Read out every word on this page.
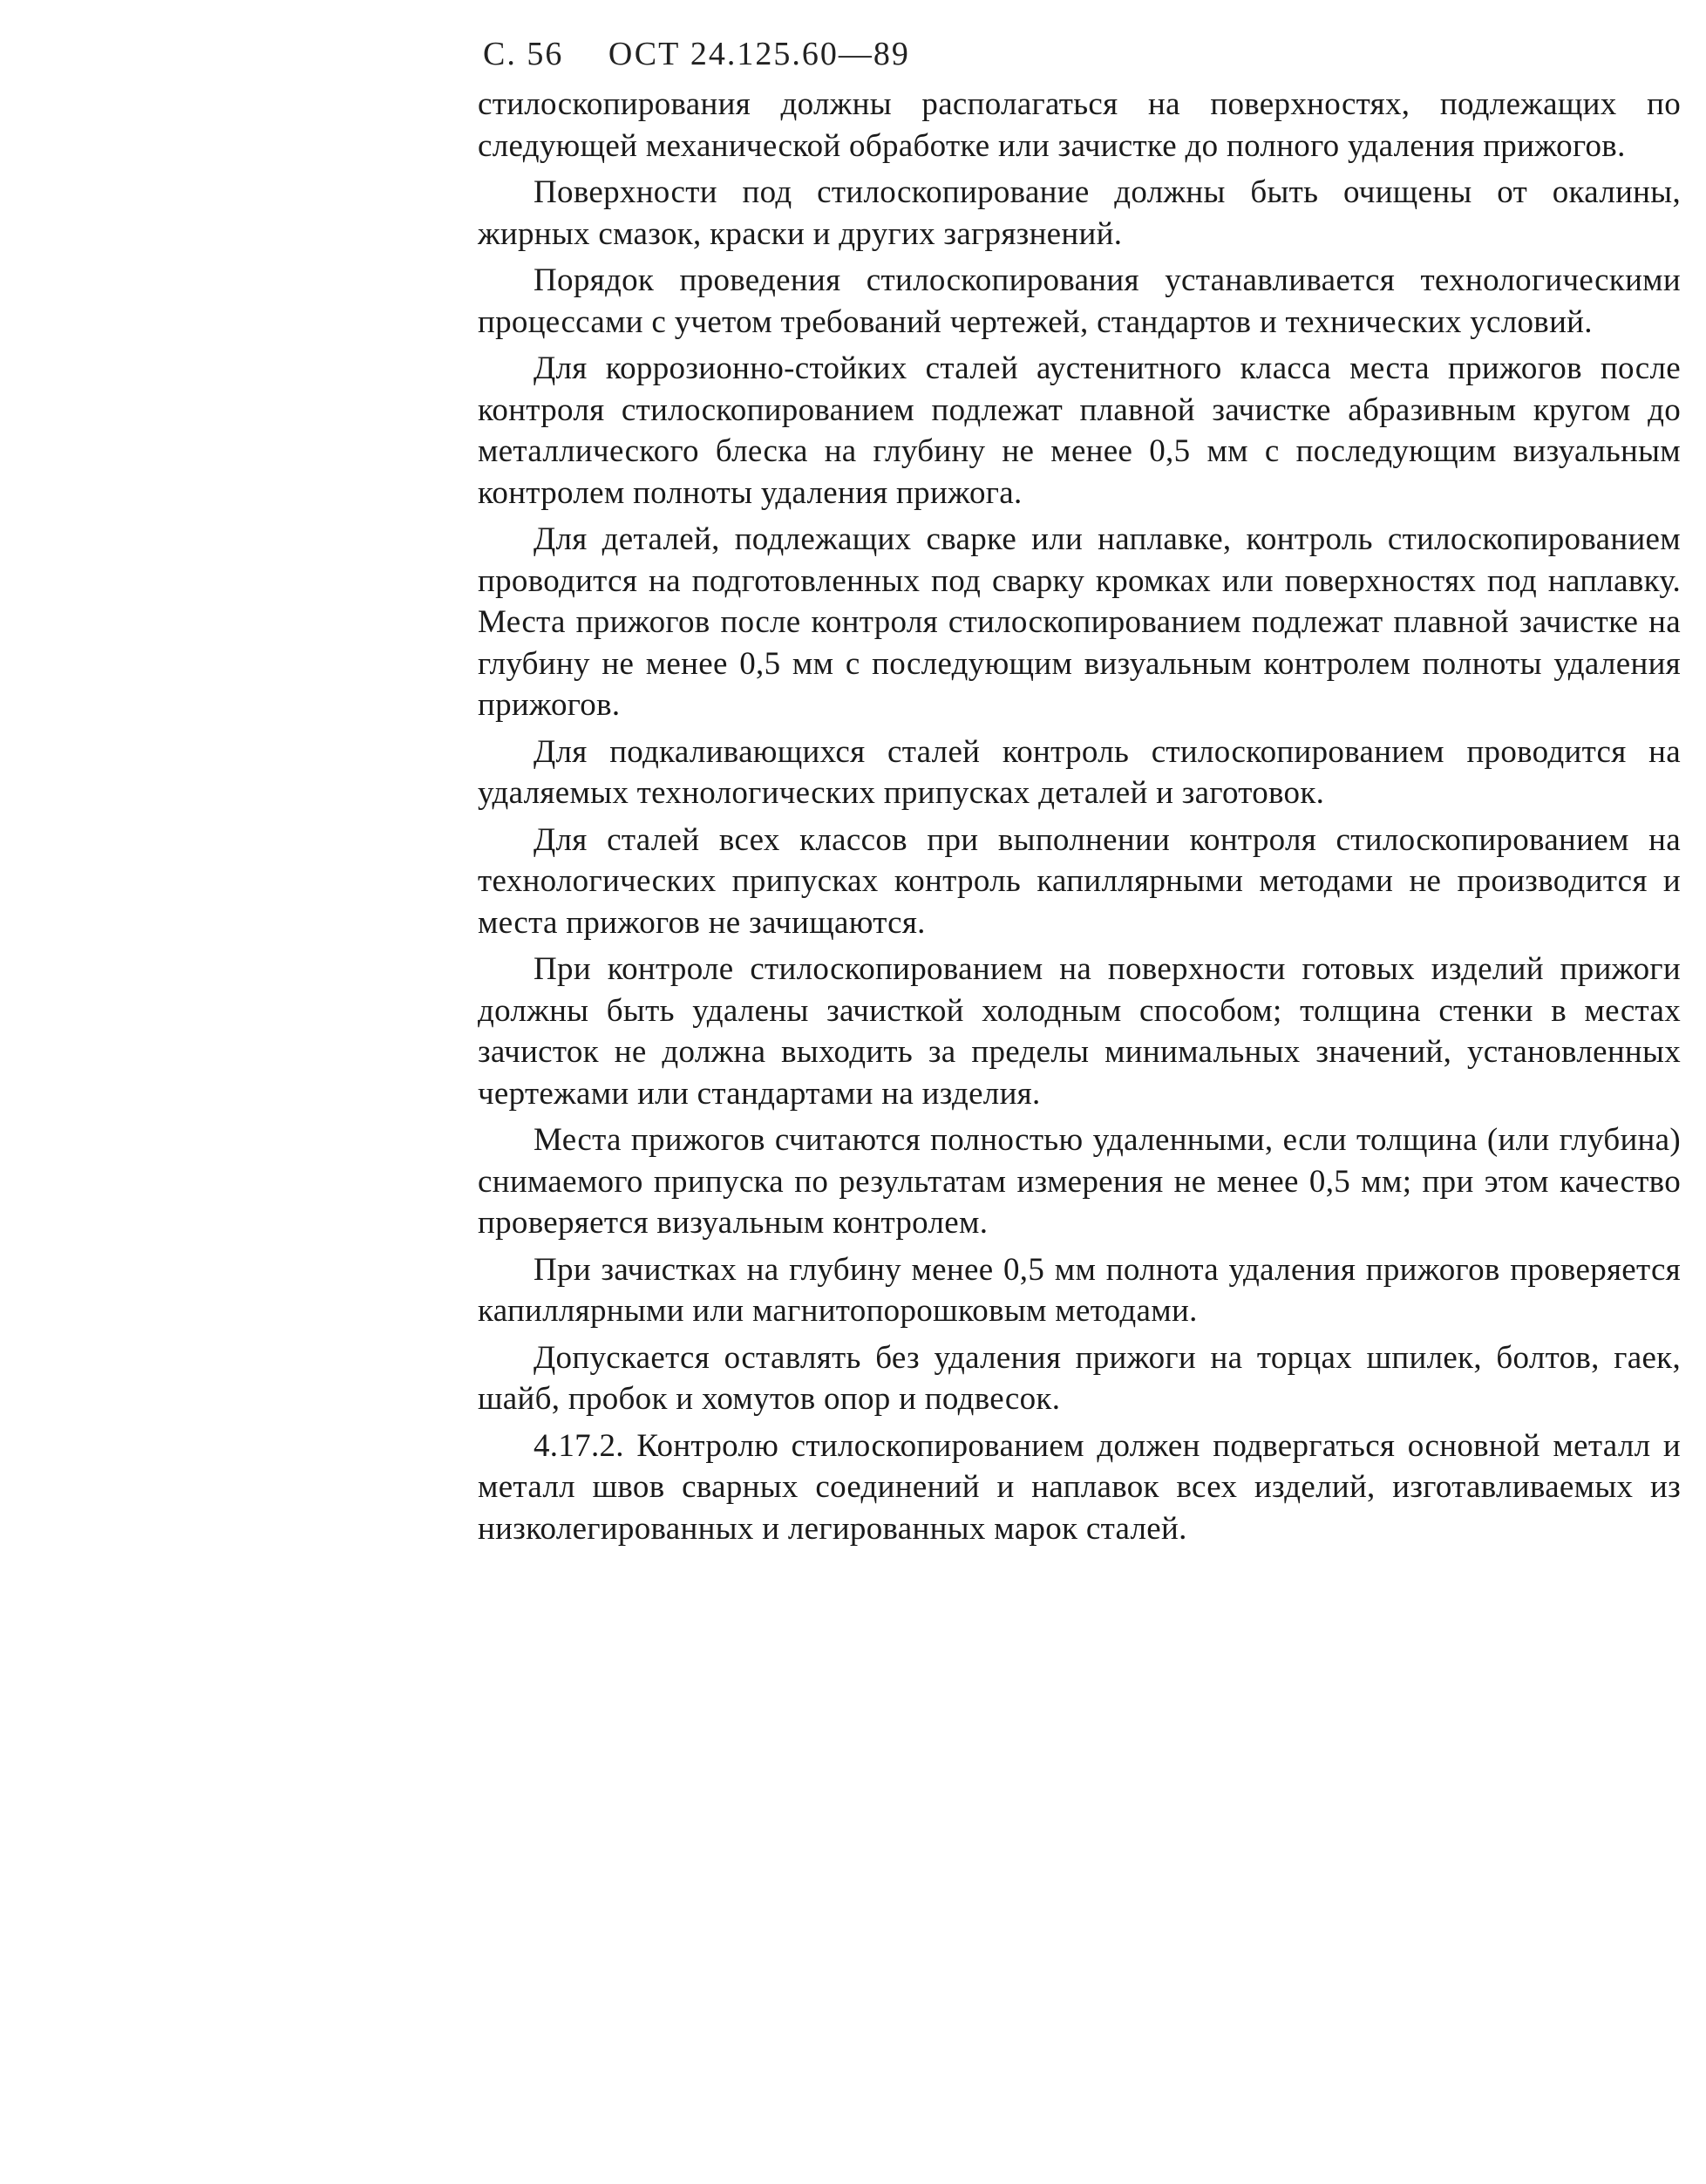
С. 56 ОСТ 24.125.60—89

стилоскопирования должны располагаться на поверхностях, подлежащих по следующей механической обработке или зачистке до полного удаления прижогов.

Поверхности под стилоскопирование должны быть очищены от окалины, жирных смазок, краски и других загрязнений.

Порядок проведения стилоскопирования устанавливается технологическими процессами с учетом требований чертежей, стандартов и технических условий.

Для коррозионно-стойких сталей аустенитного класса места прижогов после контроля стилоскопированием подлежат плавной зачистке абразивным кругом до металлического блеска на глубину не менее 0,5 мм с последующим визуальным контролем полноты удаления прижога.

Для деталей, подлежащих сварке или наплавке, контроль стилоскопированием проводится на подготовленных под сварку кромках или поверхностях под наплавку. Места прижогов после контроля стилоскопированием подлежат плавной зачистке на глубину не менее 0,5 мм с последующим визуальным контролем полноты удаления прижогов.

Для подкаливающихся сталей контроль стилоскопированием проводится на удаляемых технологических припусках деталей и заготовок.

Для сталей всех классов при выполнении контроля стилоскопированием на технологических припусках контроль капиллярными методами не производится и места прижогов не зачищаются.

При контроле стилоскопированием на поверхности готовых изделий прижоги должны быть удалены зачисткой холодным способом; толщина стенки в местах зачисток не должна выходить за пределы минимальных значений, установленных чертежами или стандартами на изделия.

Места прижогов считаются полностью удаленными, если толщина (или глубина) снимаемого припуска по результатам измерения не менее 0,5 мм; при этом качество проверяется визуальным контролем.

При зачистках на глубину менее 0,5 мм полнота удаления прижогов проверяется капиллярными или магнитопорошковым методами.

Допускается оставлять без удаления прижоги на торцах шпилек, болтов, гаек, шайб, пробок и хомутов опор и подвесок.

4.17.2. Контролю стилоскопированием должен подвергаться основной металл и металл швов сварных соединений и наплавок всех изделий, изготавливаемых из низколегированных и легированных марок сталей.
